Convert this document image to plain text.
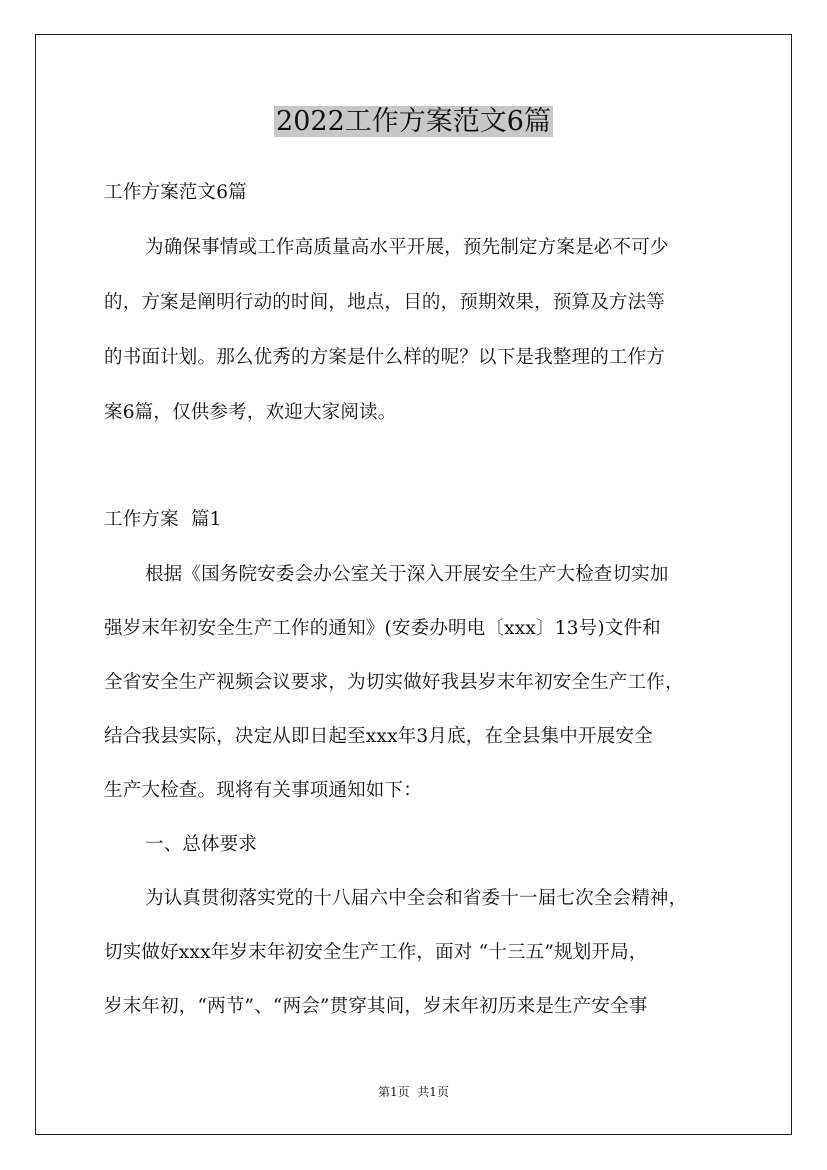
2022工作方案范文6篇
工作方案范文6篇
为确保事情或工作高质量高水平开展，预先制定方案是必不可少
的，方案是阐明行动的时间，地点，目的，预期效果，预算及方法等
的书面计划。那么优秀的方案是什么样的呢？以下是我整理的工作方
案6篇，仅供参考，欢迎大家阅读。
工作方案  篇1
根据《国务院安委会办公室关于深入开展安全生产大检查切实加
强岁末年初安全生产工作的通知》(安委办明电〔xxx〕13号)文件和
全省安全生产视频会议要求，为切实做好我县岁末年初安全生产工作，
结合我县实际，决定从即日起至xxx年3月底，在全县集中开展安全
生产大检查。现将有关事项通知如下：
一、总体要求
为认真贯彻落实党的十八届六中全会和省委十一届七次全会精神，
切实做好xxx年岁末年初安全生产工作，面对 “十三五”规划开局，
岁末年初，“两节”、“两会”贯穿其间，岁末年初历来是生产安全事
第1页  共1页
